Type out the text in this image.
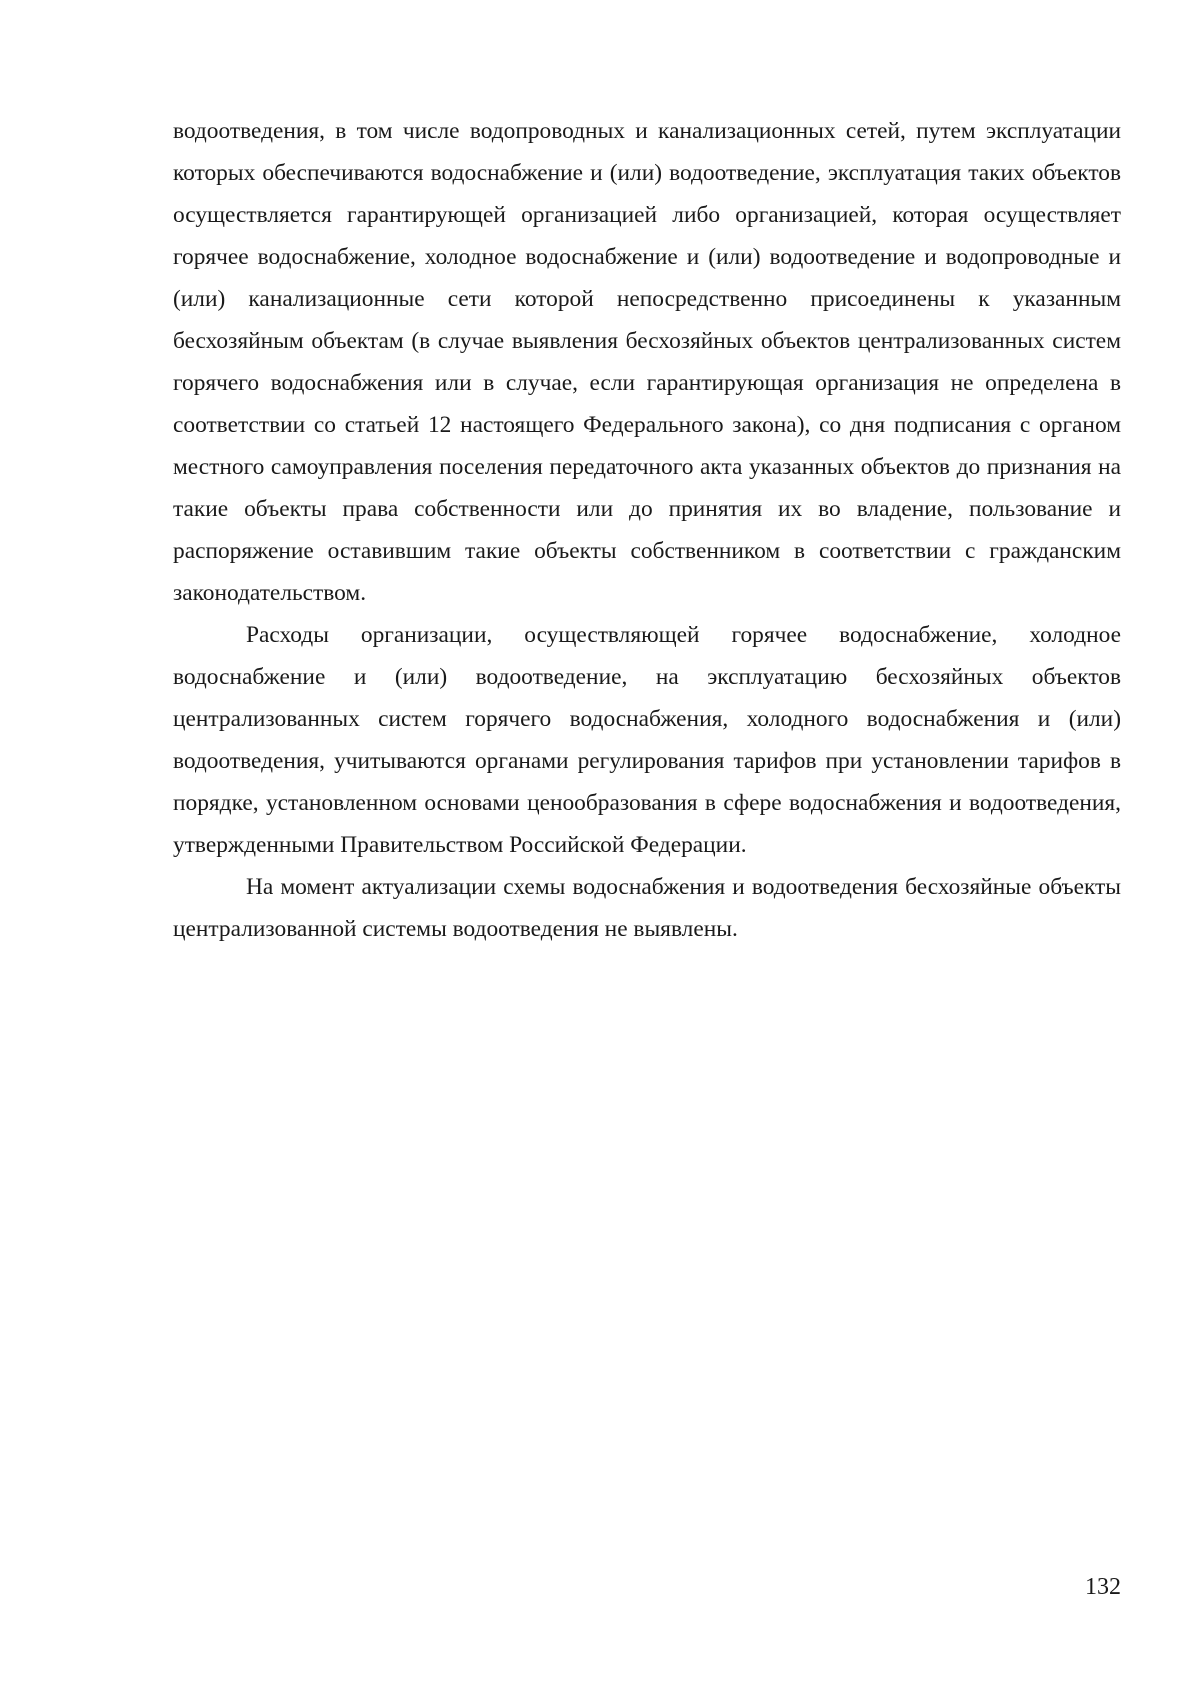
водоотведения, в том числе водопроводных и канализационных сетей, путем эксплуатации которых обеспечиваются водоснабжение и (или) водоотведение, эксплуатация таких объектов осуществляется гарантирующей организацией либо организацией, которая осуществляет горячее водоснабжение, холодное водоснабжение и (или) водоотведение и водопроводные и (или) канализационные сети которой непосредственно присоединены к указанным бесхозяйным объектам (в случае выявления бесхозяйных объектов централизованных систем горячего водоснабжения или в случае, если гарантирующая организация не определена в соответствии со статьей 12 настоящего Федерального закона), со дня подписания с органом местного самоуправления поселения передаточного акта указанных объектов до признания на такие объекты права собственности или до принятия их во владение, пользование и распоряжение оставившим такие объекты собственником в соответствии с гражданским законодательством.

Расходы организации, осуществляющей горячее водоснабжение, холодное водоснабжение и (или) водоотведение, на эксплуатацию бесхозяйных объектов централизованных систем горячего водоснабжения, холодного водоснабжения и (или) водоотведения, учитываются органами регулирования тарифов при установлении тарифов в порядке, установленном основами ценообразования в сфере водоснабжения и водоотведения, утвержденными Правительством Российской Федерации.

На момент актуализации схемы водоснабжения и водоотведения бесхозяйные объекты централизованной системы водоотведения не выявлены.

132
